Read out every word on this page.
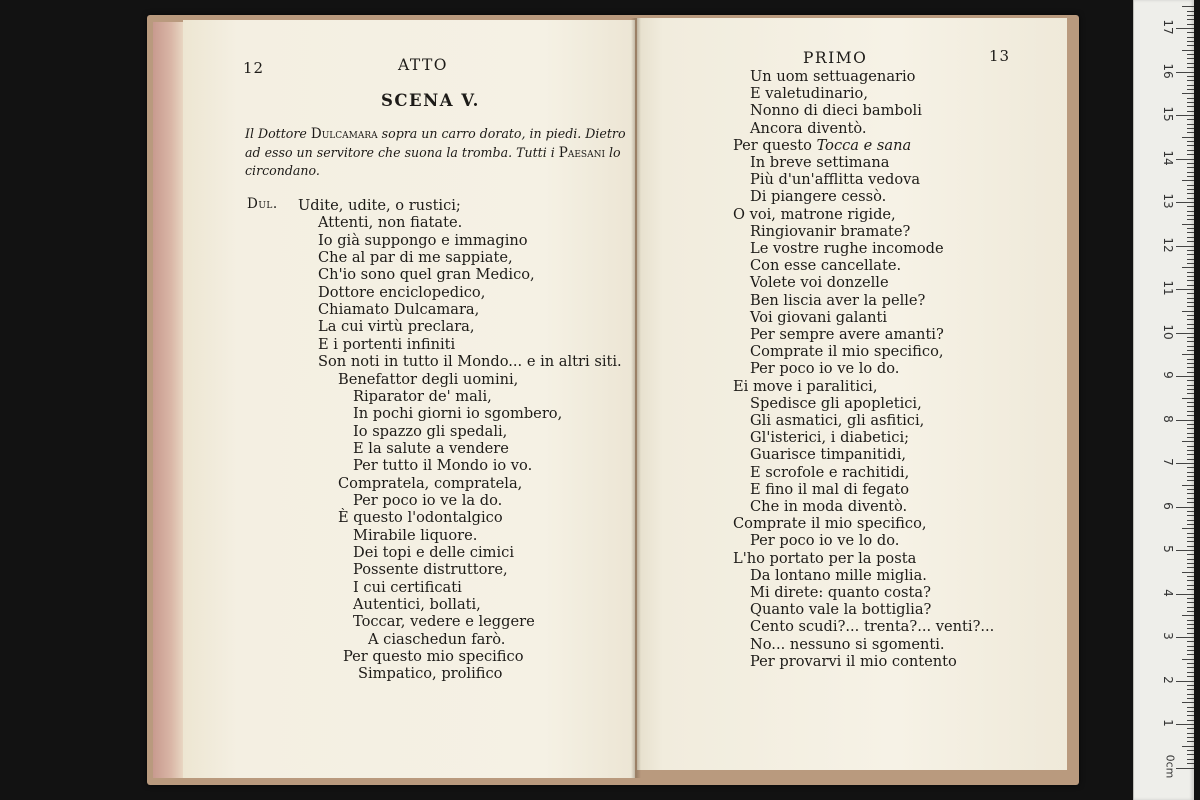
12	ATTO
SCENA V.
Il Dottore Dulcamara sopra un carro dorato, in piedi. Dietro
ad esso un servitore che suona la tromba. Tutti i Paesani lo
circondano.
Dul. Udite, udite, o rustici;
Attenti, non fiatate.
Io già suppongo e immagino
Che al par di me sappiate,
Ch'io sono quel gran Medico,
Dottore enciclopedico,
Chiamato Dulcamara,
La cui virtù preclara,
E i portenti infiniti
Son noti in tutto il Mondo... e in altri siti.
Benefattor degli uomini,
Riparator de' mali,
In pochi giorni io sgombero,
Io spazzo gli spedali,
E la salute a vendere
Per tutto il Mondo io vo.
Compratela, compratela,
Per poco io ve la do.
È questo l'odontalgico
Mirabile liquore.
Dei topi e delle cimici
Possente distruttore,
I cui certificati
Autentici, bollati,
Toccar, vedere e leggere
A ciaschedun farò.
Per questo mio specifico
Simpatico, prolifico
PRIMO	13
Un uom settuagenario
E valetudinario,
Nonno di dieci bamboli
Ancora diventò.
Per questo Tocca e sana
In breve settimana
Più d'un'afflitta vedova
Di piangere cessò.
O voi, matrone rigide,
Ringiovanir bramate?
Le vostre rughe incomode
Con esse cancellate.
Volete voi donzelle
Ben liscia aver la pelle?
Voi giovani galanti
Per sempre avere amanti?
Comprate il mio specifico,
Per poco io ve lo do.
Ei move i paralitici,
Spedisce gli apopletici,
Gli asmatici, gli asfitici,
Gl'isterici, i diabetici;
Guarisce timpanitidi,
E scrofole e rachitidi,
E fino il mal di fegato
Che in moda diventò.
Comprate il mio specifico,
Per poco io ve lo do.
L'ho portato per la posta
Da lontano mille miglia.
Mi direte: quanto costa?
Quanto vale la bottiglia?
Cento scudi?... trenta?... venti?...
No... nessuno si sgomenti.
Per provarvi il mio contento
17
16
15
14
13
12
11
10
9
8
7
6
5
4
3
2
1
0cm
